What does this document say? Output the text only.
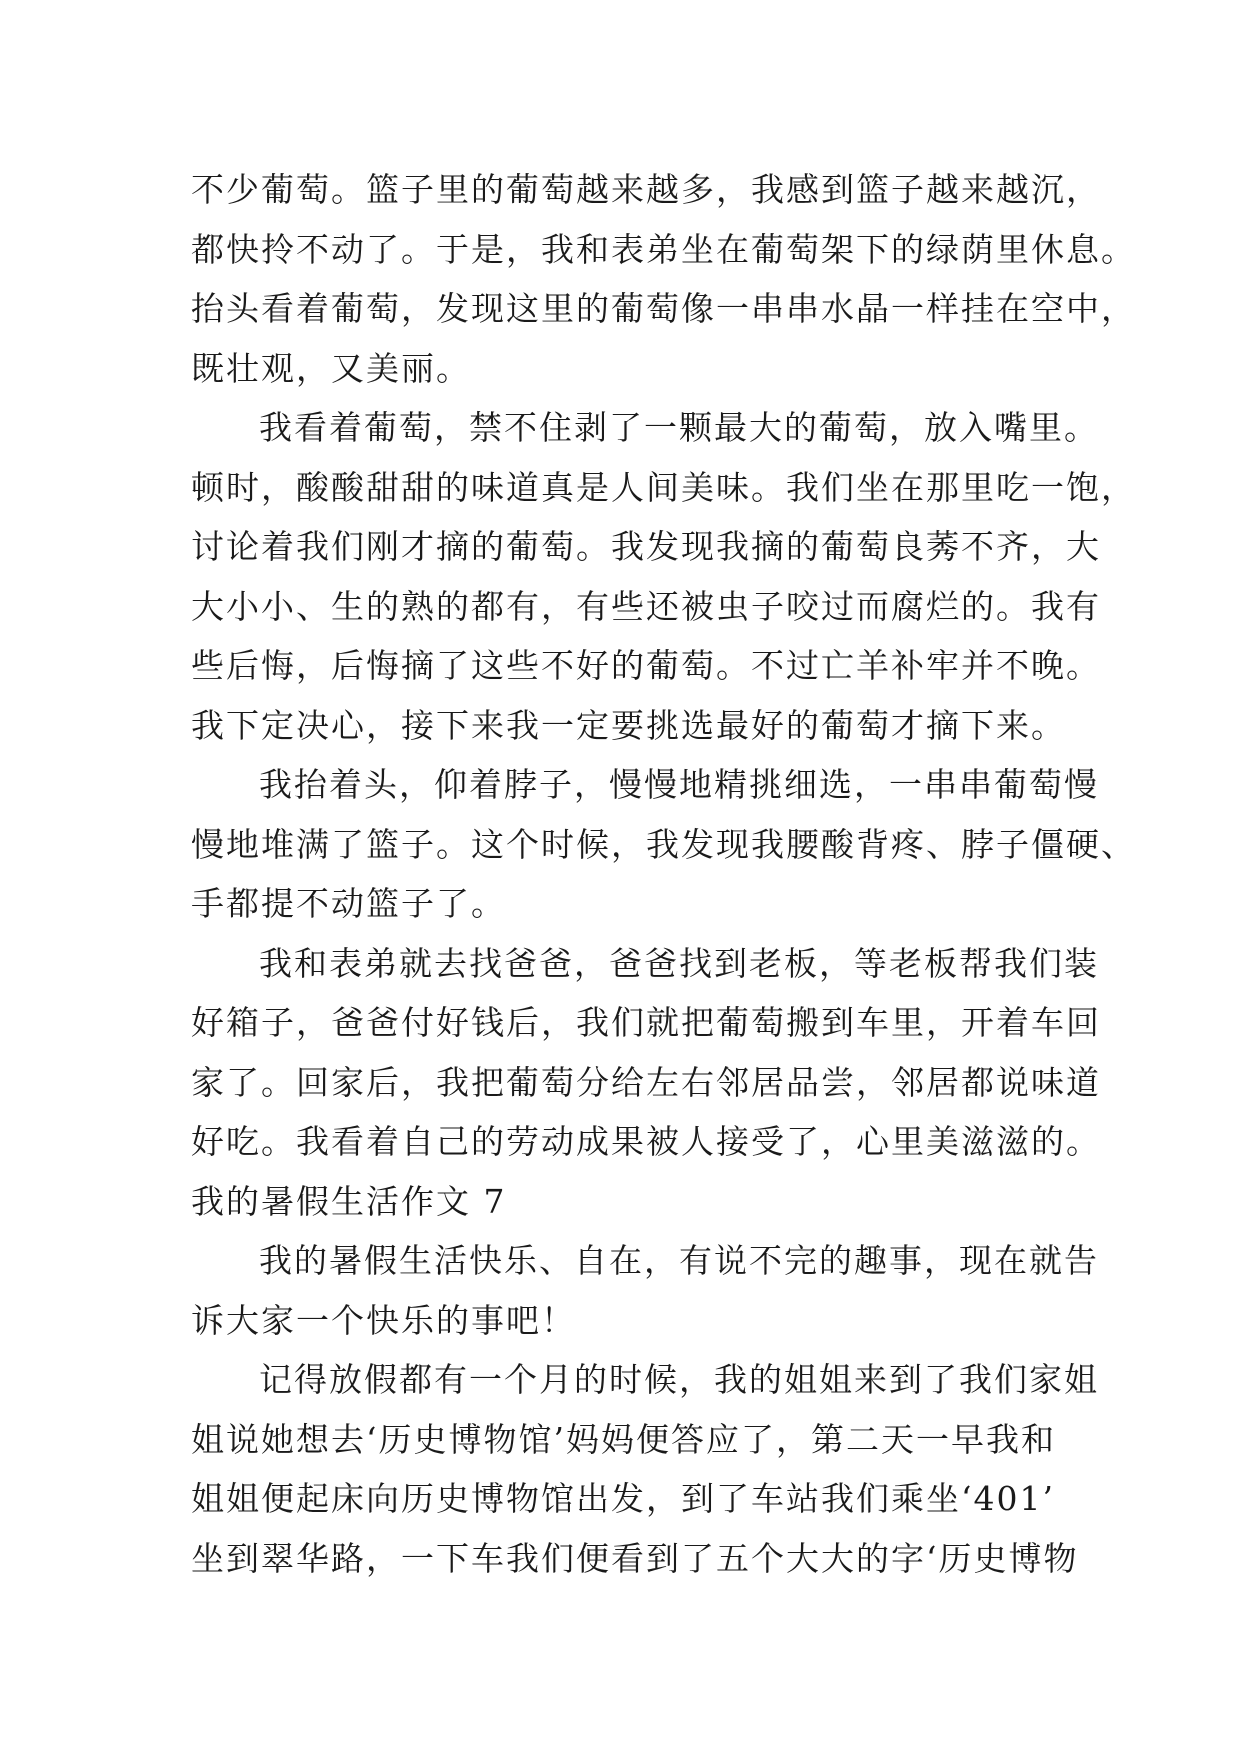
不少葡萄。篮子里的葡萄越来越多，我感到篮子越来越沉，
都快拎不动了。于是，我和表弟坐在葡萄架下的绿荫里休息。
抬头看着葡萄，发现这里的葡萄像一串串水晶一样挂在空中，
既壮观，又美丽。
我看着葡萄，禁不住剥了一颗最大的葡萄，放入嘴里。
顿时，酸酸甜甜的味道真是人间美味。我们坐在那里吃一饱，
讨论着我们刚才摘的葡萄。我发现我摘的葡萄良莠不齐，大
大小小、生的熟的都有，有些还被虫子咬过而腐烂的。我有
些后悔，后悔摘了这些不好的葡萄。不过亡羊补牢并不晚。
我下定决心，接下来我一定要挑选最好的葡萄才摘下来。
我抬着头，仰着脖子，慢慢地精挑细选，一串串葡萄慢
慢地堆满了篮子。这个时候，我发现我腰酸背疼、脖子僵硬、
手都提不动篮子了。
我和表弟就去找爸爸，爸爸找到老板，等老板帮我们装
好箱子，爸爸付好钱后，我们就把葡萄搬到车里，开着车回
家了。回家后，我把葡萄分给左右邻居品尝，邻居都说味道
好吃。我看着自己的劳动成果被人接受了，心里美滋滋的。
我的暑假生活作文 7
我的暑假生活快乐、自在，有说不完的趣事，现在就告
诉大家一个快乐的事吧！
记得放假都有一个月的时候，我的姐姐来到了我们家姐
姐说她想去‘历史博物馆’妈妈便答应了，第二天一早我和
姐姐便起床向历史博物馆出发，到了车站我们乘坐‘401’
坐到翠华路，一下车我们便看到了五个大大的字‘历史博物
